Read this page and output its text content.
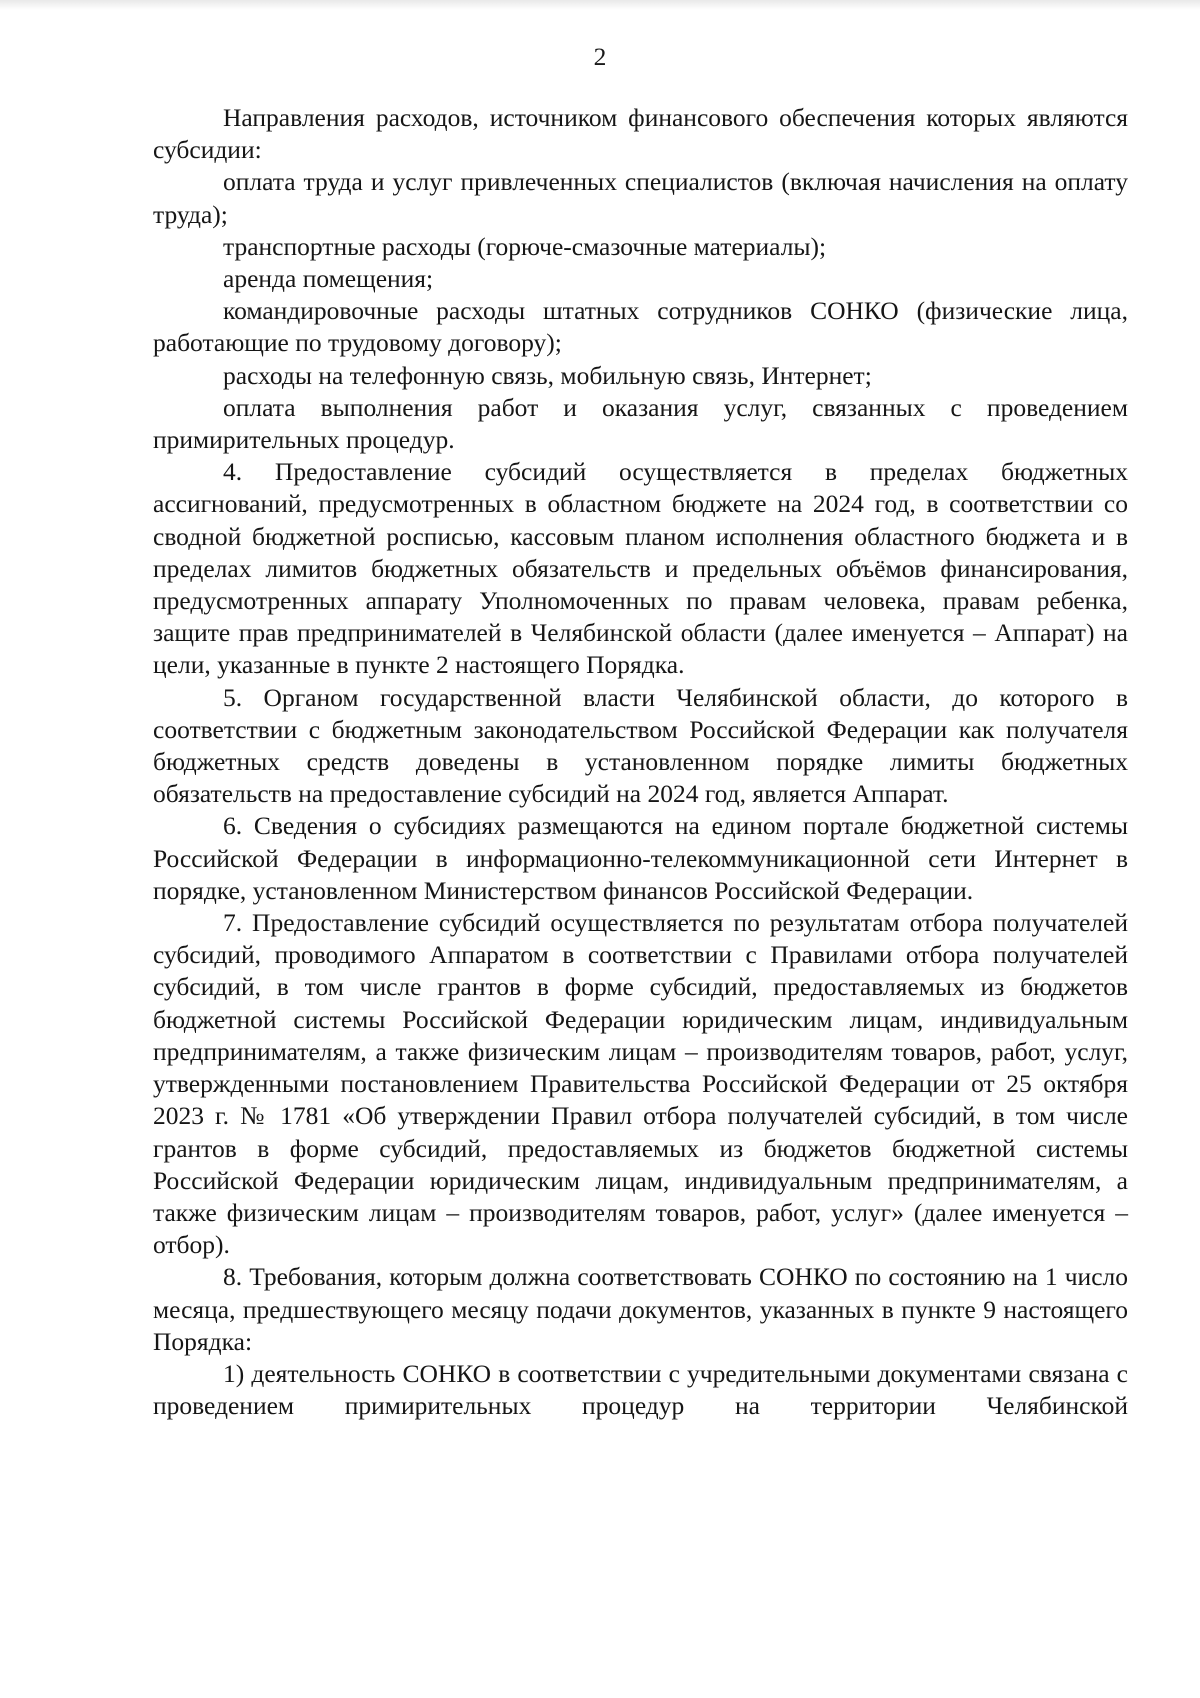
2

Направления расходов, источником финансового обеспечения которых являются субсидии:

оплата труда и услуг привлеченных специалистов (включая начисления на оплату труда);

транспортные расходы (горюче-смазочные материалы);

аренда помещения;

командировочные расходы штатных сотрудников СОНКО (физические лица, работающие по трудовому договору);

расходы на телефонную связь, мобильную связь, Интернет;

оплата выполнения работ и оказания услуг, связанных с проведением примирительных процедур.

4. Предоставление субсидий осуществляется в пределах бюджетных ассигнований, предусмотренных в областном бюджете на 2024 год, в соответствии со сводной бюджетной росписью, кассовым планом исполнения областного бюджета и в пределах лимитов бюджетных обязательств и предельных объёмов финансирования, предусмотренных аппарату Уполномоченных по правам человека, правам ребенка, защите прав предпринимателей в Челябинской области (далее именуется – Аппарат) на цели, указанные в пункте 2 настоящего Порядка.

5. Органом государственной власти Челябинской области, до которого в соответствии с бюджетным законодательством Российской Федерации как получателя бюджетных средств доведены в установленном порядке лимиты бюджетных обязательств на предоставление субсидий на 2024 год, является Аппарат.

6. Сведения о субсидиях размещаются на едином портале бюджетной системы Российской Федерации в информационно-телекоммуникационной сети Интернет в порядке, установленном Министерством финансов Российской Федерации.

7. Предоставление субсидий осуществляется по результатам отбора получателей субсидий, проводимого Аппаратом в соответствии с Правилами отбора получателей субсидий, в том числе грантов в форме субсидий, предоставляемых из бюджетов бюджетной системы Российской Федерации юридическим лицам, индивидуальным предпринимателям, а также физическим лицам – производителям товаров, работ, услуг, утвержденными постановлением Правительства Российской Федерации от 25 октября 2023 г. № 1781 «Об утверждении Правил отбора получателей субсидий, в том числе грантов в форме субсидий, предоставляемых из бюджетов бюджетной системы Российской Федерации юридическим лицам, индивидуальным предпринимателям, а также физическим лицам – производителям товаров, работ, услуг» (далее именуется – отбор).

8. Требования, которым должна соответствовать СОНКО по состоянию на 1 число месяца, предшествующего месяцу подачи документов, указанных в пункте 9 настоящего Порядка:

1) деятельность СОНКО в соответствии с учредительными документами связана с проведением примирительных процедур на территории Челябинской
